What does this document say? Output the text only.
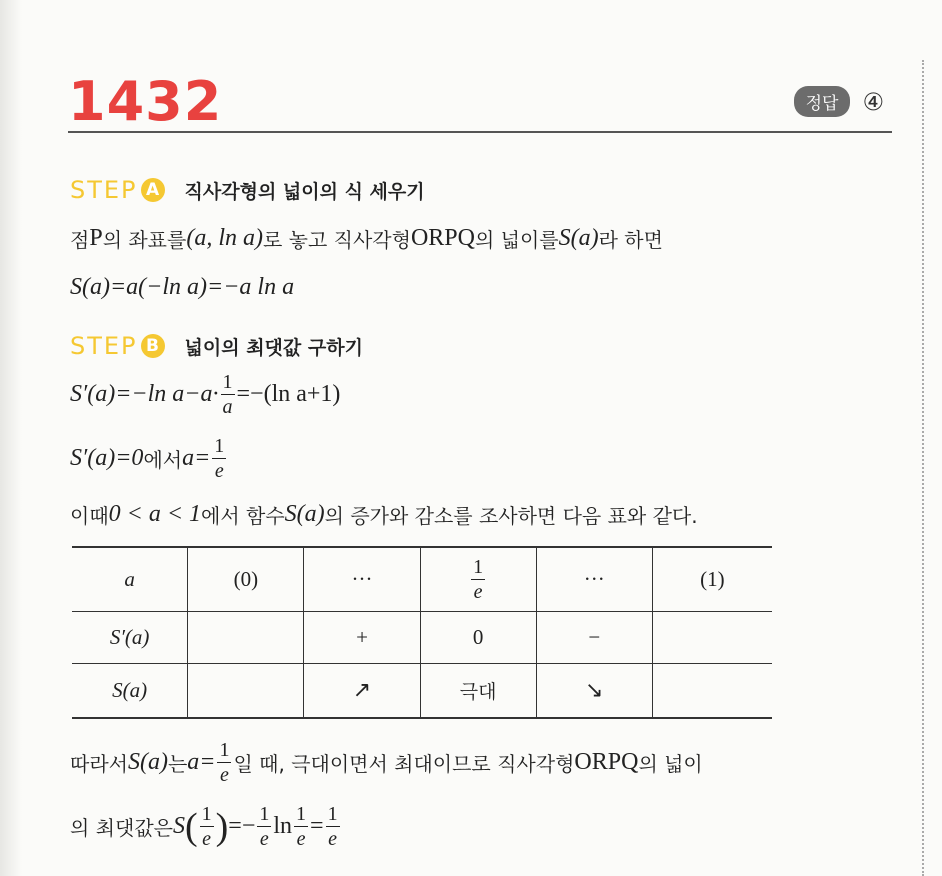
1432	정답	④
STEP A 직사각형의 넓이의 식 세우기
점 P 의 좌표를 (a, ln a) 로 놓고 직사각형 ORPQ 의 넓이를 S(a) 라 하면
S(a)=a(−ln a)=−a ln a
STEP B 넓이의 최댓값 구하기
S′(a)=−ln $a-a\cdot \frac{1}{a} =-(\ln$ a+1)
S′(a)=0 에서 $a= \frac{1}{e}$
이때 0 < a < 1 에서 함수 S(a) 의 증가와 감소를 조사하면 다음 표와 같다.
a	(0)	···	$\frac{1}{e}$	···	(1)
S′(a)		+	0	−	
S(a)		↗	극대	↘	
따라서 S(a) 는 $a= \frac{1}{e}$ 일 때, 극대이면서 최대이므로 직사각형 ORPQ 의 넓이
의 최댓값은 S ( $\frac{1}{e}$ ) =− $\frac{1}{e}$ $\ln \frac{1}{e} = \frac{1}{e}$
